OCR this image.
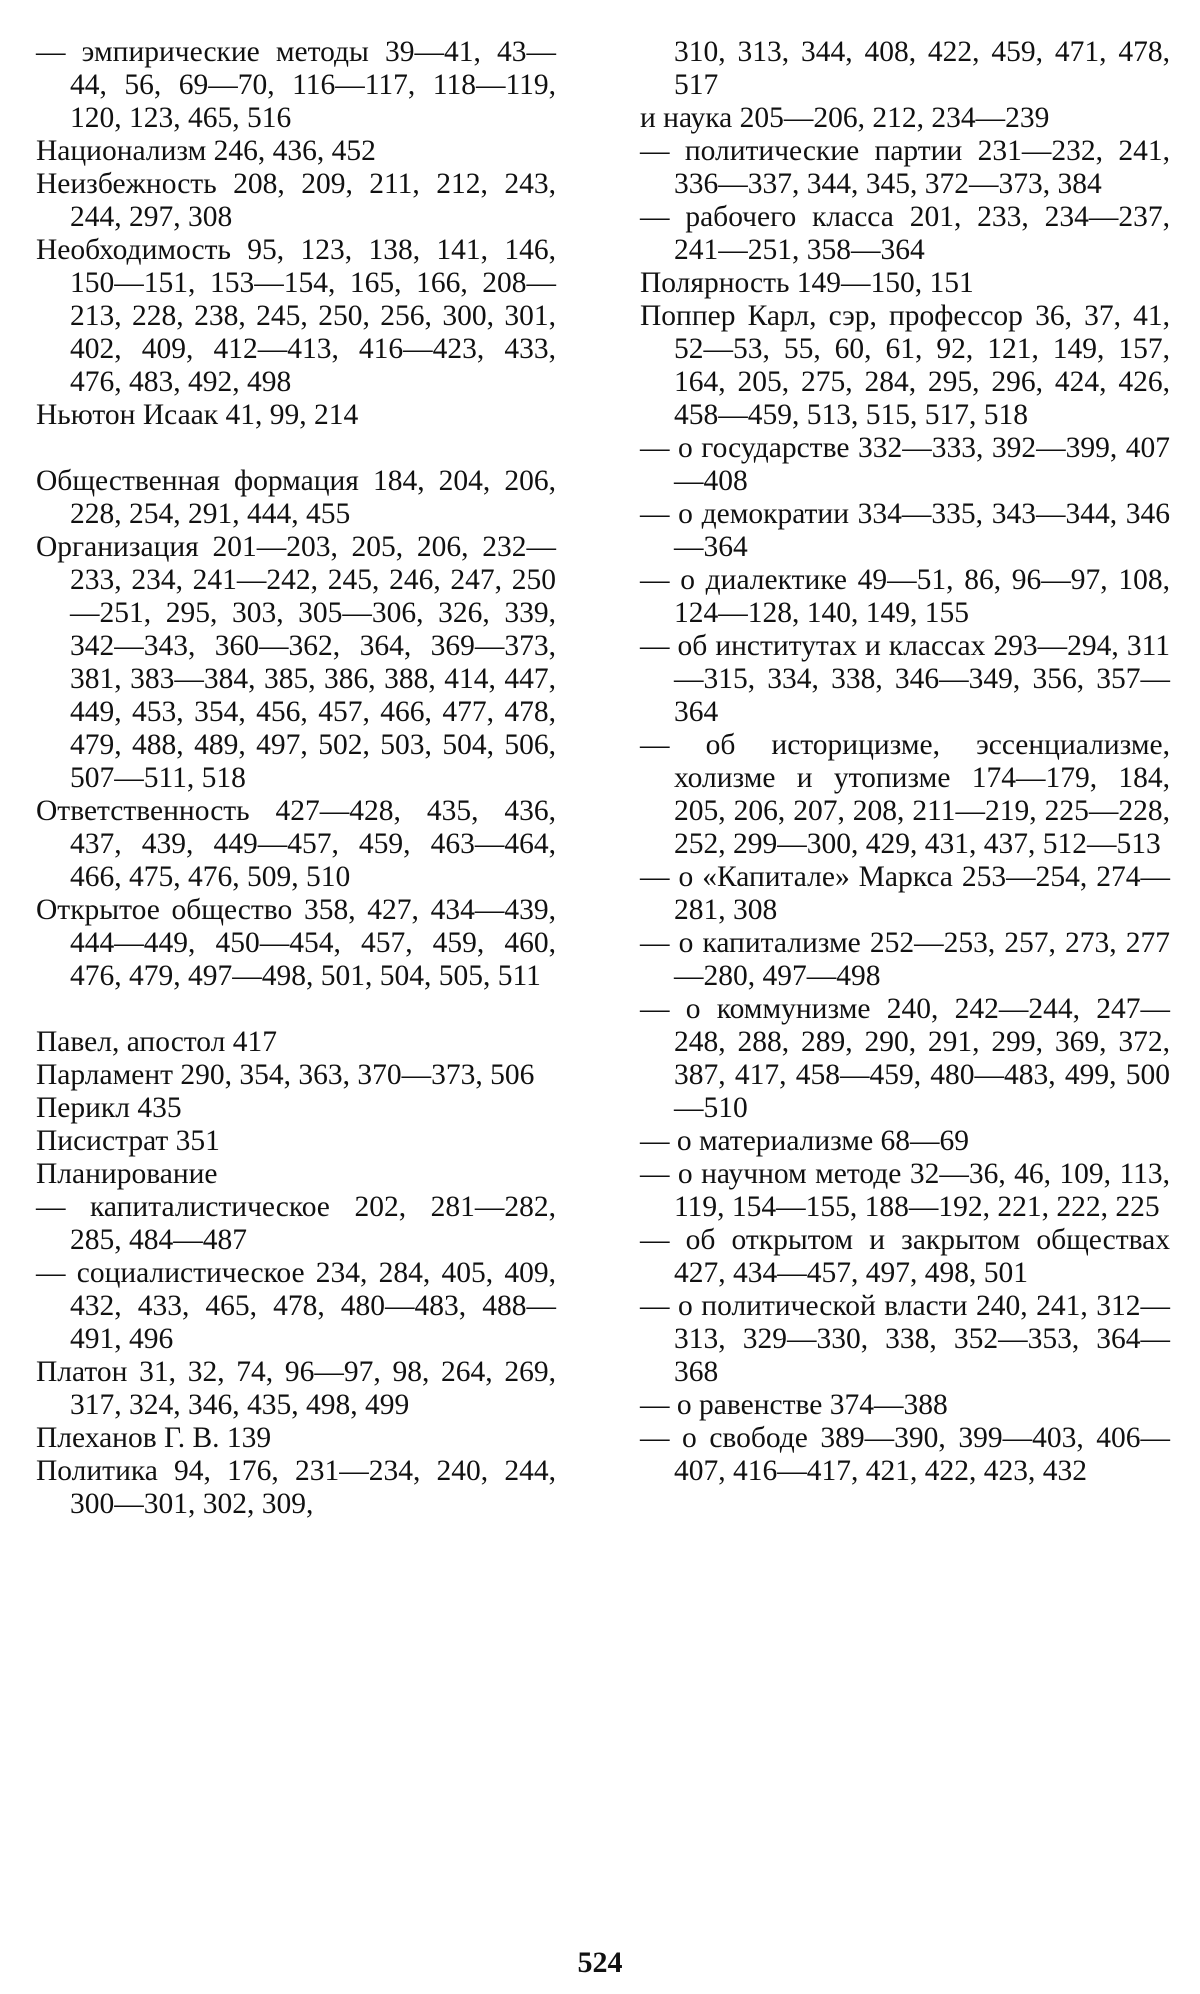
— эмпирические методы 39—41, 43—44, 56, 69—70, 116—117, 118—119, 120, 123, 465, 516

Национализм 246, 436, 452

Неизбежность 208, 209, 211, 212, 243, 244, 297, 308

Необходимость 95, 123, 138, 141, 146, 150—151, 153—154, 165, 166, 208—213, 228, 238, 245, 250, 256, 300, 301, 402, 409, 412—413, 416—423, 433, 476, 483, 492, 498

Ньютон Исаак 41, 99, 214

Общественная формация 184, 204, 206, 228, 254, 291, 444, 455

Организация 201—203, 205, 206, 232—233, 234, 241—242, 245, 246, 247, 250—251, 295, 303, 305—306, 326, 339, 342—343, 360—362, 364, 369—373, 381, 383—384, 385, 386, 388, 414, 447, 449, 453, 354, 456, 457, 466, 477, 478, 479, 488, 489, 497, 502, 503, 504, 506, 507—511, 518

Ответственность 427—428, 435, 436, 437, 439, 449—457, 459, 463—464, 466, 475, 476, 509, 510

Открытое общество 358, 427, 434—439, 444—449, 450—454, 457, 459, 460, 476, 479, 497—498, 501, 504, 505, 511

Павел, апостол 417

Парламент 290, 354, 363, 370—373, 506

Перикл 435

Писистрат 351

Планирование

— капиталистическое 202, 281—282, 285, 484—487

— социалистическое 234, 284, 405, 409, 432, 433, 465, 478, 480—483, 488—491, 496

Платон 31, 32, 74, 96—97, 98, 264, 269, 317, 324, 346, 435, 498, 499

Плеханов Г. В. 139

Политика 94, 176, 231—234, 240, 244, 300—301, 302, 309,

310, 313, 344, 408, 422, 459, 471, 478, 517

и наука 205—206, 212, 234—239

— политические партии 231—232, 241, 336—337, 344, 345, 372—373, 384

— рабочего класса 201, 233, 234—237, 241—251, 358—364

Полярность 149—150, 151

Поппер Карл, сэр, профессор 36, 37, 41, 52—53, 55, 60, 61, 92, 121, 149, 157, 164, 205, 275, 284, 295, 296, 424, 426, 458—459, 513, 515, 517, 518

— о государстве 332—333, 392—399, 407—408

— о демократии 334—335, 343—344, 346—364

— о диалектике 49—51, 86, 96—97, 108, 124—128, 140, 149, 155

— об институтах и классах 293—294, 311—315, 334, 338, 346—349, 356, 357—364

— об историцизме, эссенциализме, холизме и утопизме 174—179, 184, 205, 206, 207, 208, 211—219, 225—228, 252, 299—300, 429, 431, 437, 512—513

— о «Капитале» Маркса 253—254, 274—281, 308

— о капитализме 252—253, 257, 273, 277—280, 497—498

— о коммунизме 240, 242—244, 247—248, 288, 289, 290, 291, 299, 369, 372, 387, 417, 458—459, 480—483, 499, 500—510

— о материализме 68—69

— о научном методе 32—36, 46, 109, 113, 119, 154—155, 188—192, 221, 222, 225

— об открытом и закрытом обществах 427, 434—457, 497, 498, 501

— о политической власти 240, 241, 312—313, 329—330, 338, 352—353, 364—368

— о равенстве 374—388

— о свободе 389—390, 399—403, 406—407, 416—417, 421, 422, 423, 432

524
